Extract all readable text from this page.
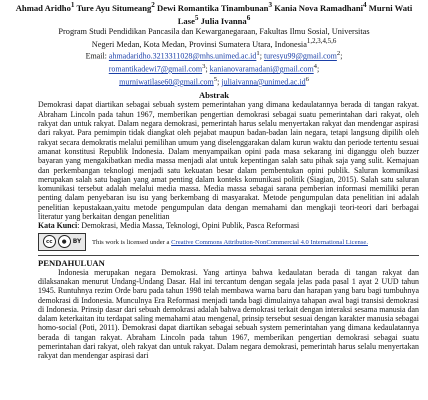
Ahmad Aridho$^1$ Ture Ayu Situmeang$^2$ Dewi Romantika Tinambunan$^3$ Kania Nova Ramadhani$^4$ Murni Wati Lase$^5$ Julia Ivanna$^6$
Program Studi Pendidikan Pancasila dan Kewarganegaraan, Fakultas Ilmu Sosial, Universitas
Negeri Medan, Kota Medan, Provinsi Sumatera Utara, Indonesia$^{1,2,3,4,5,6}$
Email: $ahmadaridho.3213311028@mhs.unimed.ac.id^1$; turesyu99@gmail.com$^2$;
romantikadewi7@gmail.com$^3$; kanianovaramadani@gmail.com$^4$;
murniwatilase60@gmail.com$^5$; $juliaivanna@unimed.ac.id^6$
Abstrak
Demokrasi dapat diartikan sebagai sebuah system pemerintahan yang dimana kedaulatannya berada di tangan rakyat. Abraham Lincoln pada tahun 1967, memberikan pengertian demokrasi sebagai suatu pemerintahan dari rakyat, oleh rakyat dan untuk rakyat. Dalam negara demokrasi, pemerintah harus selalu menyertakan rakyat dan mendengar aspirasi dari rakyat. Para pemimpin tidak diangkat oleh pejabat maupun badan-badan lain negara, tetapi langsung dipilih oleh rakyat secara demokratis melalui pemilihan umum yang diselenggarakan dalam kurun waktu dan periode tertentu sesuai amanat konstitusi Republik Indonesia. Dalam menyampaikan opini pada masa sekarang ini diganggu oleh buzzer bayaran yang mengakibatkan media massa menjadi alat untuk kepentingan salah satu pihak saja yang sulit. Kemajuan dan perkembangan teknologi menjadi satu kekuatan besar dalam pembentukan opini publik. Saluran komunikasi merupakan salah satu bagian yang amat penting dalam konteks komunikasi politik (Siagian, 2015). Salah satu saluran komunikasi tersebut adalah melalui media massa. Media massa sebagai sarana pemberian informasi memiliki peran penting dalam penyebaran isu isu yang berkembang di masyarakat. Metode pengumpulan data penelitian ini adalah penelitian kepustakaan,yaitu metode pengumpulan data dengan memahami dan mengkaji teori-teori dari berbagai literatur yang berkaitan dengan penelitian
Kata Kunci: Demokrasi, Media Massa, Teknologi, Opini Publik, Pasca Reformasi
cc	●	BY This work is licensed under a Creative Commons Attribution-NonCommercial 4.0 International License.
PENDAHULUAN
Indonesia merupakan negara Demokrasi. Yang artinya bahwa kedaulatan berada di tangan rakyat dan dilaksanakan menurut Undang-Undang Dasar. Hal ini tercantum dengan segala jelas pada pasal 1 ayat 2 UUD tahun 1945. Runtuhnya rezim Orde baru pada tahun 1998 telah membawa warna baru dan harapan yang baru bagi tumbuhnya demokrasi di Indonesia. Munculnya Era Reformasi menjadi tanda bagi dimulainya tahapan awal bagi transisi demokrasi di Indonesia. Prinsip dasar dari sebuah demokrasi adalah bahwa demokrasi terkait dengan interaksi sesama manusia dan dalam keterkaitan itu terdapat saling memahami atau mengenal, prinsip tersebut sesuai dengan karakter manusia sebagai homo-social (Poti, 2011). Demokrasi dapat diartikan sebagai sebuah system pemerintahan yang dimana kedaulatannya berada di tangan rakyat. Abraham Lincoln pada tahun 1967, memberikan pengertian demokrasi sebagai suatu pemerintahan dari rakyat, oleh rakyat dan untuk rakyat. Dalam negara demokrasi, pemerintah harus selalu menyertakan rakyat dan mendengar aspirasi dari
